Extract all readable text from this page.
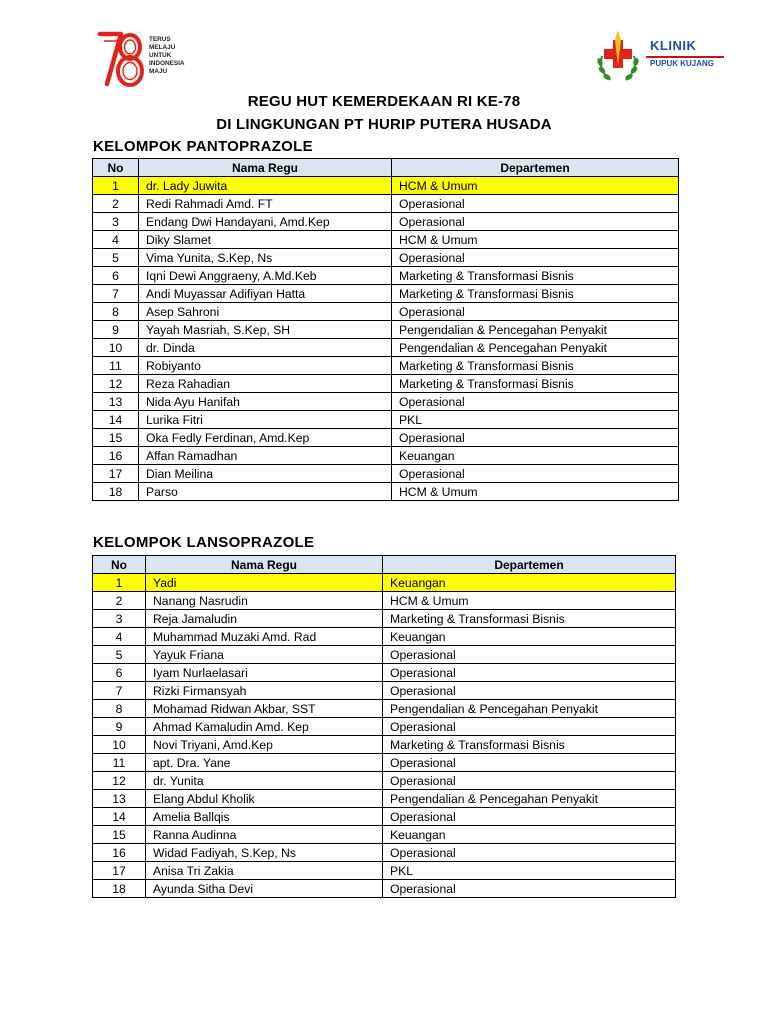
TERUS
MELAJU
UNTUK
INDONESIA
MAJU
KLINIK
PUPUK KUJANG
REGU HUT KEMERDEKAAN RI KE-78
DI LINGKUNGAN PT HURIP PUTERA HUSADA
KELOMPOK PANTOPRAZOLE
No	Nama Regu	Departemen
1	dr. Lady Juwita	HCM & Umum
2	Redi Rahmadi Amd. FT	Operasional
3	Endang Dwi Handayani, Amd.Kep	Operasional
4	Diky Slamet	HCM & Umum
5	Vima Yunita, S.Kep, Ns	Operasional
6	Iqni Dewi Anggraeny, A.Md.Keb	Marketing & Transformasi Bisnis
7	Andi Muyassar Adifiyan Hatta	Marketing & Transformasi Bisnis
8	Asep Sahroni	Operasional
9	Yayah Masriah, S.Kep, SH	Pengendalian & Pencegahan Penyakit
10	dr. Dinda	Pengendalian & Pencegahan Penyakit
11	Robiyanto	Marketing & Transformasi Bisnis
12	Reza Rahadian	Marketing & Transformasi Bisnis
13	Nida Ayu Hanifah	Operasional
14	Lurika Fitri	PKL
15	Oka Fedly Ferdinan, Amd.Kep	Operasional
16	Affan Ramadhan	Keuangan
17	Dian Meilina	Operasional
18	Parso	HCM & Umum
KELOMPOK LANSOPRAZOLE
No	Nama Regu	Departemen
1	Yadi	Keuangan
2	Nanang Nasrudin	HCM & Umum
3	Reja Jamaludin	Marketing & Transformasi Bisnis
4	Muhammad Muzaki Amd. Rad	Keuangan
5	Yayuk Friana	Operasional
6	Iyam Nurlaelasari	Operasional
7	Rizki Firmansyah	Operasional
8	Mohamad Ridwan Akbar, SST	Pengendalian & Pencegahan Penyakit
9	Ahmad Kamaludin Amd. Kep	Operasional
10	Novi Triyani, Amd.Kep	Marketing & Transformasi Bisnis
11	apt. Dra. Yane	Operasional
12	dr. Yunita	Operasional
13	Elang Abdul Kholik	Pengendalian & Pencegahan Penyakit
14	Amelia Ballqis	Operasional
15	Ranna Audinna	Keuangan
16	Widad Fadiyah, S.Kep, Ns	Operasional
17	Anisa Tri Zakia	PKL
18	Ayunda Sitha Devi	Operasional
